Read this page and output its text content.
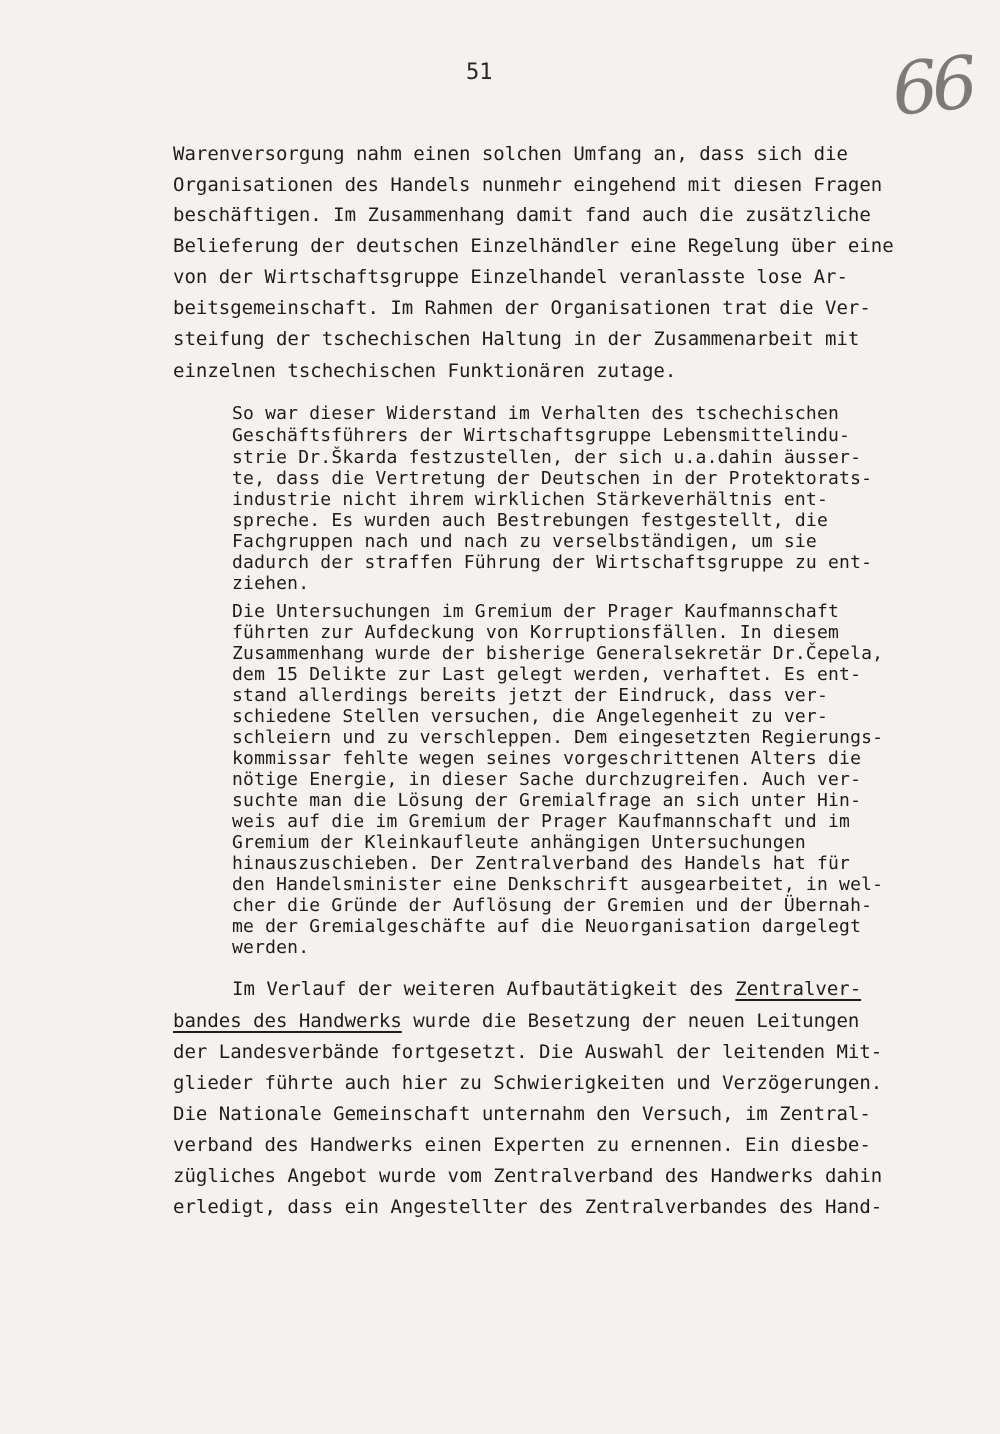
51	66
Warenversorgung nahm einen solchen Umfang an, dass sich die
Organisationen des Handels nunmehr eingehend mit diesen Fragen
beschäftigen. Im Zusammenhang damit fand auch die zusätzliche
Belieferung der deutschen Einzelhändler eine Regelung über eine
von der Wirtschaftsgruppe Einzelhandel veranlasste lose Ar-
beitsgemeinschaft. Im Rahmen der Organisationen trat die Ver-
steifung der tschechischen Haltung in der Zusammenarbeit mit
einzelnen tschechischen Funktionären zutage.
So war dieser Widerstand im Verhalten des tschechischen
Geschäftsführers der Wirtschaftsgruppe Lebensmittelindu-
strie Dr.Škarda festzustellen, der sich u.a.dahin äusser-
te, dass die Vertretung der Deutschen in der Protektorats-
industrie nicht ihrem wirklichen Stärkeverhältnis ent-
spreche. Es wurden auch Bestrebungen festgestellt, die
Fachgruppen nach und nach zu verselbständigen, um sie
dadurch der straffen Führung der Wirtschaftsgruppe zu ent-
ziehen.
Die Untersuchungen im Gremium der Prager Kaufmannschaft
führten zur Aufdeckung von Korruptionsfällen. In diesem
Zusammenhang wurde der bisherige Generalsekretär Dr.Čepela,
dem 15 Delikte zur Last gelegt werden, verhaftet. Es ent-
stand allerdings bereits jetzt der Eindruck, dass ver-
schiedene Stellen versuchen, die Angelegenheit zu ver-
schleiern und zu verschleppen. Dem eingesetzten Regierungs-
kommissar fehlte wegen seines vorgeschrittenen Alters die
nötige Energie, in dieser Sache durchzugreifen. Auch ver-
suchte man die Lösung der Gremialfrage an sich unter Hin-
weis auf die im Gremium der Prager Kaufmannschaft und im
Gremium der Kleinkaufleute anhängigen Untersuchungen
hinauszuschieben. Der Zentralverband des Handels hat für
den Handelsminister eine Denkschrift ausgearbeitet, in wel-
cher die Gründe der Auflösung der Gremien und der Übernah-
me der Gremialgeschäfte auf die Neuorganisation dargelegt
werden.
Im Verlauf der weiteren Aufbautätigkeit des Zentralver-
bandes des Handwerks wurde die Besetzung der neuen Leitungen
der Landesverbände fortgesetzt. Die Auswahl der leitenden Mit-
glieder führte auch hier zu Schwierigkeiten und Verzögerungen.
Die Nationale Gemeinschaft unternahm den Versuch, im Zentral-
verband des Handwerks einen Experten zu ernennen. Ein diesbe-
zügliches Angebot wurde vom Zentralverband des Handwerks dahin
erledigt, dass ein Angestellter des Zentralverbandes des Hand-
